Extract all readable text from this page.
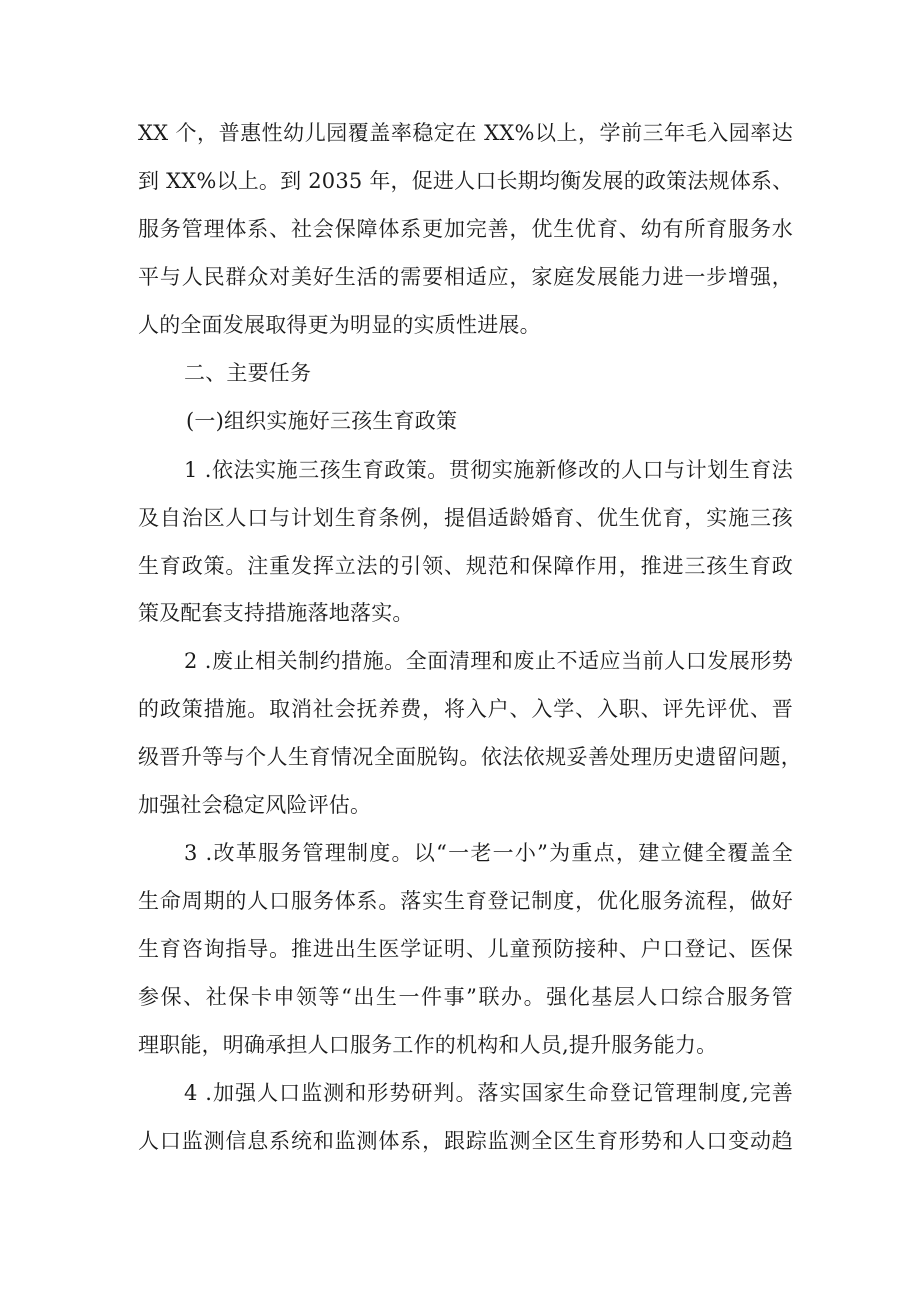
XX 个，普惠性幼儿园覆盖率稳定在 XX%以上，学前三年毛入园率达
到 XX%以上。到 2035 年，促进人口长期均衡发展的政策法规体系、
服务管理体系、社会保障体系更加完善，优生优育、幼有所育服务水
平与人民群众对美好生活的需要相适应，家庭发展能力进一步增强，
人的全面发展取得更为明显的实质性进展。
二、主要任务
(一)组织实施好三孩生育政策
1 .依法实施三孩生育政策。贯彻实施新修改的人口与计划生育法
及自治区人口与计划生育条例，提倡适龄婚育、优生优育，实施三孩
生育政策。注重发挥立法的引领、规范和保障作用，推进三孩生育政
策及配套支持措施落地落实。
2 .废止相关制约措施。全面清理和废止不适应当前人口发展形势
的政策措施。取消社会抚养费，将入户、入学、入职、评先评优、晋
级晋升等与个人生育情况全面脱钩。依法依规妥善处理历史遗留问题，
加强社会稳定风险评估。
3 .改革服务管理制度。以“一老一小”为重点，建立健全覆盖全
生命周期的人口服务体系。落实生育登记制度，优化服务流程，做好
生育咨询指导。推进出生医学证明、儿童预防接种、户口登记、医保
参保、社保卡申领等“出生一件事”联办。强化基层人口综合服务管
理职能，明确承担人口服务工作的机构和人员,提升服务能力。
4 .加强人口监测和形势研判。落实国家生命登记管理制度,完善
人口监测信息系统和监测体系，跟踪监测全区生育形势和人口变动趋
